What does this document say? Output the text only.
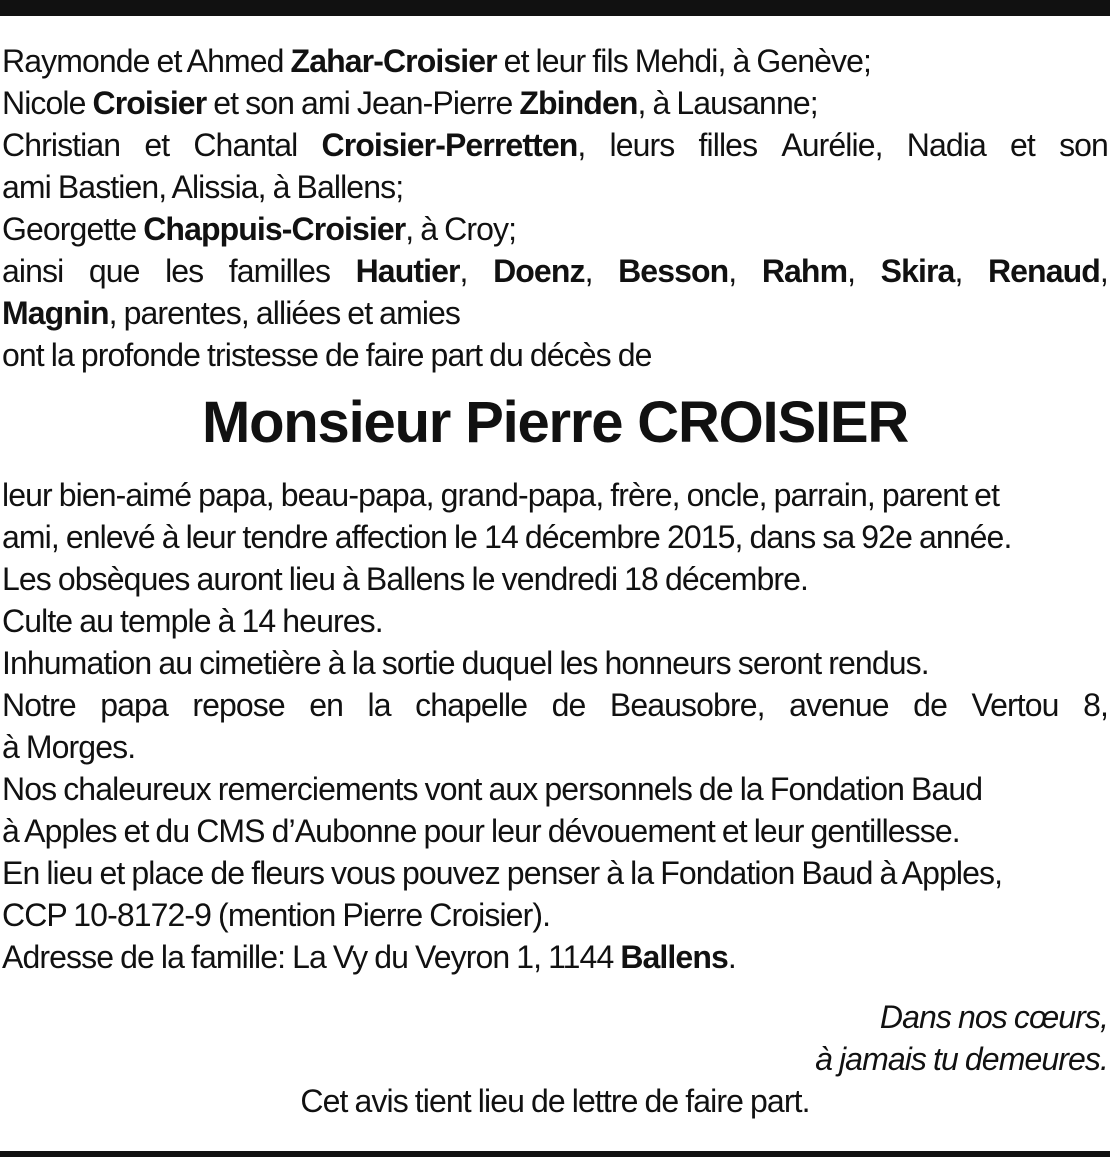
Raymonde et Ahmed Zahar-Croisier et leur fils Mehdi, à Genève;
Nicole Croisier et son ami Jean-Pierre Zbinden, à Lausanne;
Christian et Chantal Croisier-Perretten, leurs filles Aurélie, Nadia et son
ami Bastien, Alissia, à Ballens;
Georgette Chappuis-Croisier, à Croy;
ainsi que les familles Hautier, Doenz, Besson, Rahm, Skira, Renaud,
Magnin, parentes, alliées et amies
ont la profonde tristesse de faire part du décès de
Monsieur Pierre CROISIER
leur bien-aimé papa, beau-papa, grand-papa, frère, oncle, parrain, parent et
ami, enlevé à leur tendre affection le 14 décembre 2015, dans sa 92e année.
Les obsèques auront lieu à Ballens le vendredi 18 décembre.
Culte au temple à 14 heures.
Inhumation au cimetière à la sortie duquel les honneurs seront rendus.
Notre papa repose en la chapelle de Beausobre, avenue de Vertou 8,
à Morges.
Nos chaleureux remerciements vont aux personnels de la Fondation Baud
à Apples et du CMS d’Aubonne pour leur dévouement et leur gentillesse.
En lieu et place de fleurs vous pouvez penser à la Fondation Baud à Apples,
CCP 10-8172-9 (mention Pierre Croisier).
Adresse de la famille: La Vy du Veyron 1, 1144 Ballens.
Dans nos cœurs,
à jamais tu demeures.
Cet avis tient lieu de lettre de faire part.
